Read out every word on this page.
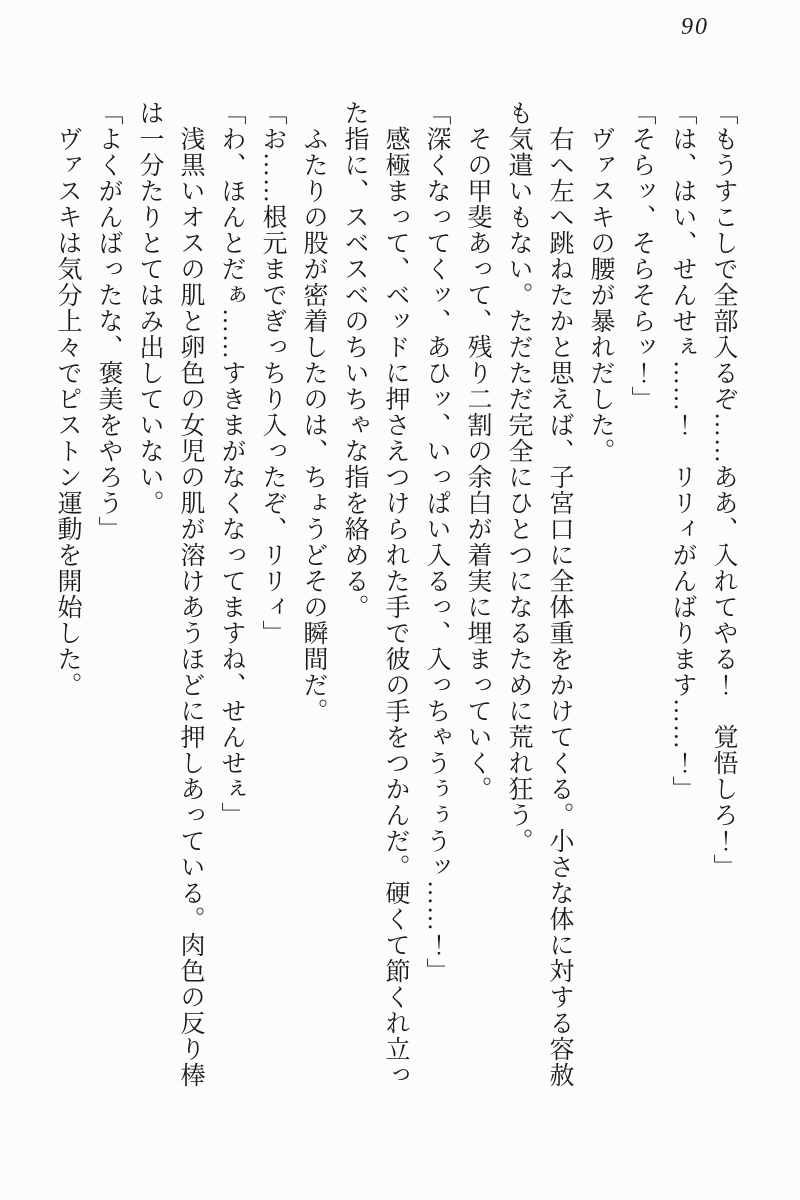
90
「もうすこしで全部入るぞ……ああ、入れてやる！　覚悟しろ！」
「は、はい、せんせぇ……！　リリィがんばります……！」
「そらッ、そらそらッ！」
ヴァスキの腰が暴れだした。
右へ左へ跳ねたかと思えば、子宮口に全体重をかけてくる。小さな体に対する容赦
も気遣いもない。ただただ完全にひとつになるために荒れ狂う。
その甲斐あって、残り二割の余白が着実に埋まっていく。
「深くなってくッ、あひッ、いっぱい入るっ、入っちゃうぅぅうッ……！」
感極まって、ベッドに押さえつけられた手で彼の手をつかんだ。硬くて節くれ立っ
た指に、スベスベのちいちゃな指を絡める。
ふたりの股が密着したのは、ちょうどその瞬間だ。
「お……根元までぎっちり入ったぞ、リリィ」
「わ、ほんとだぁ……すきまがなくなってますね、せんせぇ」
浅黒いオスの肌と卵色の女児の肌が溶けあうほどに押しあっている。肉色の反り棒
は一分たりとてはみ出していない。
「よくがんばったな、褒美をやろう」
ヴァスキは気分上々でピストン運動を開始した。
